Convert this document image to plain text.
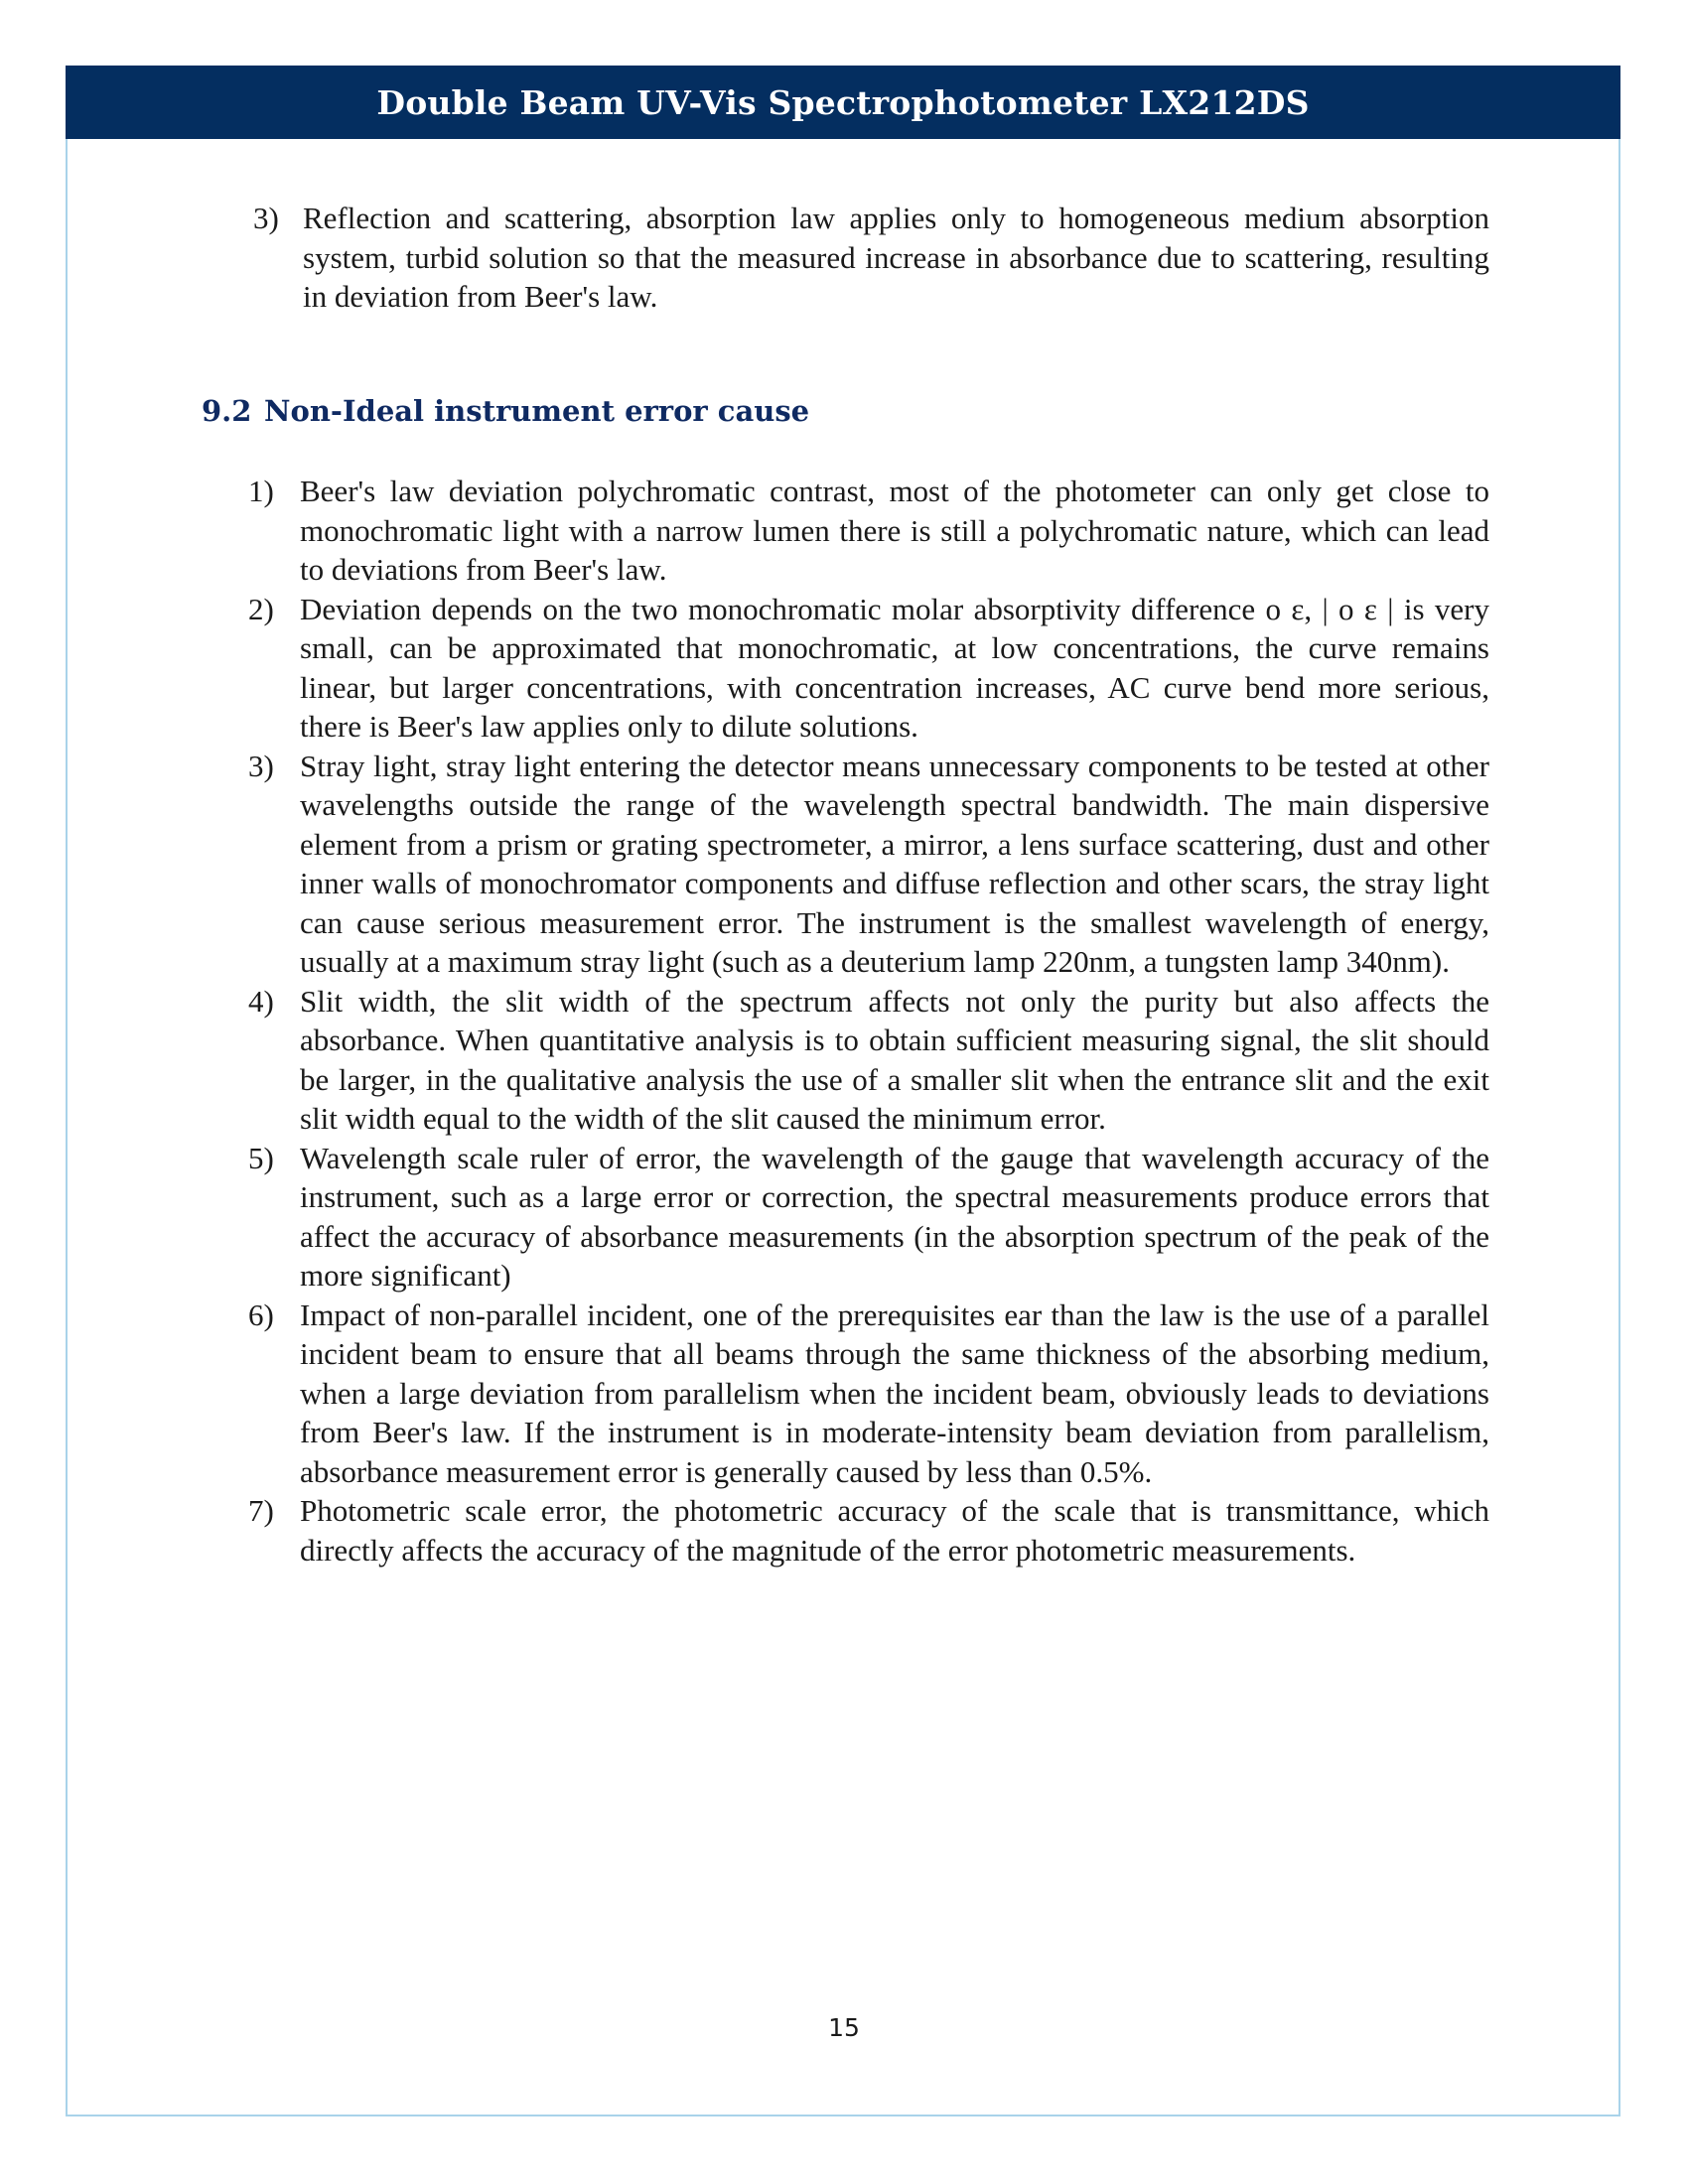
Double Beam UV-Vis Spectrophotometer LX212DS
3) Reflection and scattering, absorption law applies only to homogeneous medium absorption system, turbid solution so that the measured increase in absorbance due to scattering, resulting in deviation from Beer's law.
9.2 Non-Ideal instrument error cause
1) Beer's law deviation polychromatic contrast, most of the photometer can only get close to monochromatic light with a narrow lumen there is still a polychromatic nature, which can lead to deviations from Beer's law.
2) Deviation depends on the two monochromatic molar absorptivity difference ο ε, | ο ε | is very small, can be approximated that monochromatic, at low concentrations, the curve remains linear, but larger concentrations, with concentration increases, AC curve bend more serious, there is Beer's law applies only to dilute solutions.
3) Stray light, stray light entering the detector means unnecessary components to be tested at other wavelengths outside the range of the wavelength spectral bandwidth. The main dispersive element from a prism or grating spectrometer, a mirror, a lens surface scattering, dust and other inner walls of monochromator components and diffuse reflection and other scars, the stray light can cause serious measurement error. The instrument is the smallest wavelength of energy, usually at a maximum stray light (such as a deuterium lamp 220nm, a tungsten lamp 340nm).
4) Slit width, the slit width of the spectrum affects not only the purity but also affects the absorbance. When quantitative analysis is to obtain sufficient measuring signal, the slit should be larger, in the qualitative analysis the use of a smaller slit when the entrance slit and the exit slit width equal to the width of the slit caused the minimum error.
5) Wavelength scale ruler of error, the wavelength of the gauge that wavelength accuracy of the instrument, such as a large error or correction, the spectral measurements produce errors that affect the accuracy of absorbance measurements (in the absorption spectrum of the peak of the more significant)
6) Impact of non-parallel incident, one of the prerequisites ear than the law is the use of a parallel incident beam to ensure that all beams through the same thickness of the absorbing medium, when a large deviation from parallelism when the incident beam, obviously leads to deviations from Beer's law. If the instrument is in moderate-intensity beam deviation from parallelism, absorbance measurement error is generally caused by less than 0.5%.
7) Photometric scale error, the photometric accuracy of the scale that is transmittance, which directly affects the accuracy of the magnitude of the error photometric measurements.
15
